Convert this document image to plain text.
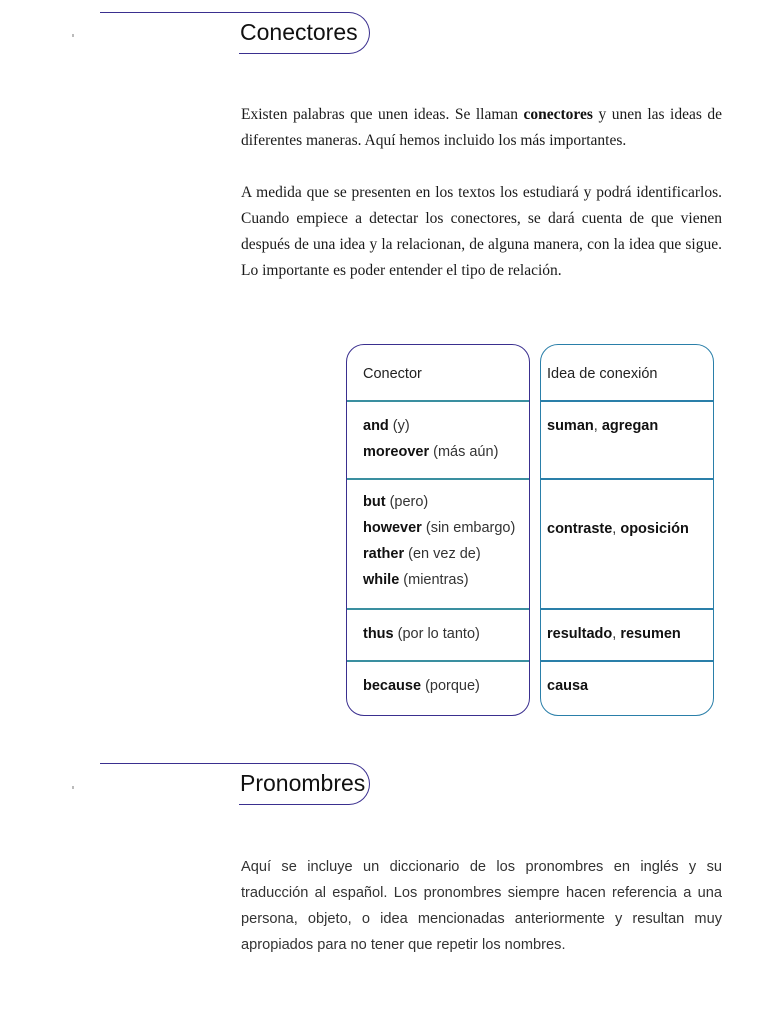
Conectores

Existen palabras que unen ideas. Se llaman conectores y unen las ideas de diferentes maneras. Aquí hemos incluido los más importantes.

A medida que se presenten en los textos los estudiará y podrá identificarlos. Cuando empiece a detectar los conectores, se dará cuenta de que vienen después de una idea y la relacionan, de alguna manera, con la idea que sigue. Lo importante es poder entender el tipo de relación.

Conector
and (y)
moreover (más aún)
but (pero)
however (sin embargo)
rather (en vez de)
while (mientras)
thus (por lo tanto)
because (porque)
Idea de conexión
suman, agregan
contraste, oposición
resultado, resumen
causa
Pronombres

Aquí se incluye un diccionario de los pronombres en inglés y su traducción al español. Los pronombres siempre hacen referencia a una persona, objeto, o idea mencionadas anteriormente y resultan muy apropiados para no tener que repetir los nombres.
